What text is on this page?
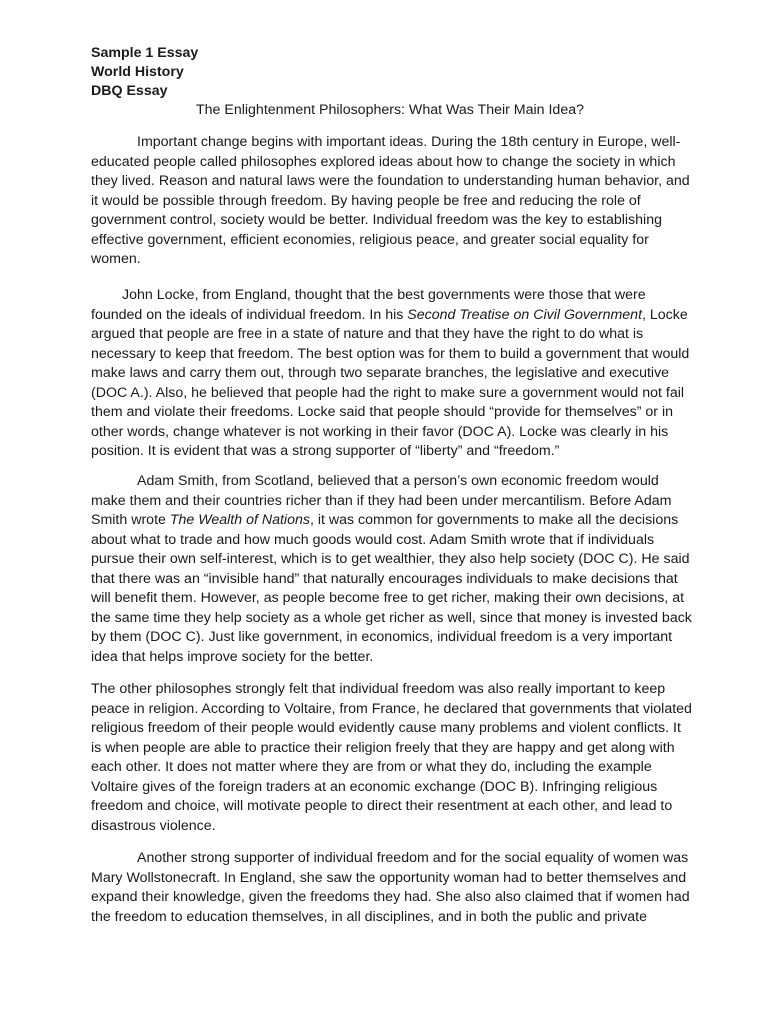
Sample 1 Essay
World History
DBQ Essay
The Enlightenment Philosophers: What Was Their Main Idea?
Important change begins with important ideas. During the 18th century in Europe, well-
educated people called philosophes explored ideas about how to change the society in which
they lived. Reason and natural laws were the foundation to understanding human behavior, and
it would be possible through freedom. By having people be free and reducing the role of
government control, society would be better. Individual freedom was the key to establishing
effective government, efficient economies, religious peace, and greater social equality for
women.
John Locke, from England, thought that the best governments were those that were
founded on the ideals of individual freedom. In his Second Treatise on Civil Government, Locke
argued that people are free in a state of nature and that they have the right to do what is
necessary to keep that freedom. The best option was for them to build a government that would
make laws and carry them out, through two separate branches, the legislative and executive
(DOC A.). Also, he believed that people had the right to make sure a government would not fail
them and violate their freedoms. Locke said that people should “provide for themselves” or in
other words, change whatever is not working in their favor (DOC A). Locke was clearly in his
position. It is evident that was a strong supporter of “liberty” and “freedom.”
Adam Smith, from Scotland, believed that a person’s own economic freedom would
make them and their countries richer than if they had been under mercantilism. Before Adam
Smith wrote The Wealth of Nations, it was common for governments to make all the decisions
about what to trade and how much goods would cost. Adam Smith wrote that if individuals
pursue their own self-interest, which is to get wealthier, they also help society (DOC C). He said
that there was an “invisible hand” that naturally encourages individuals to make decisions that
will benefit them. However, as people become free to get richer, making their own decisions, at
the same time they help society as a whole get richer as well, since that money is invested back
by them (DOC C). Just like government, in economics, individual freedom is a very important
idea that helps improve society for the better.
The other philosophes strongly felt that individual freedom was also really important to keep
peace in religion. According to Voltaire, from France, he declared that governments that violated
religious freedom of their people would evidently cause many problems and violent conflicts. It
is when people are able to practice their religion freely that they are happy and get along with
each other. It does not matter where they are from or what they do, including the example
Voltaire gives of the foreign traders at an economic exchange (DOC B). Infringing religious
freedom and choice, will motivate people to direct their resentment at each other, and lead to
disastrous violence.
Another strong supporter of individual freedom and for the social equality of women was
Mary Wollstonecraft. In England, she saw the opportunity woman had to better themselves and
expand their knowledge, given the freedoms they had. She also also claimed that if women had
the freedom to education themselves, in all disciplines, and in both the public and private
